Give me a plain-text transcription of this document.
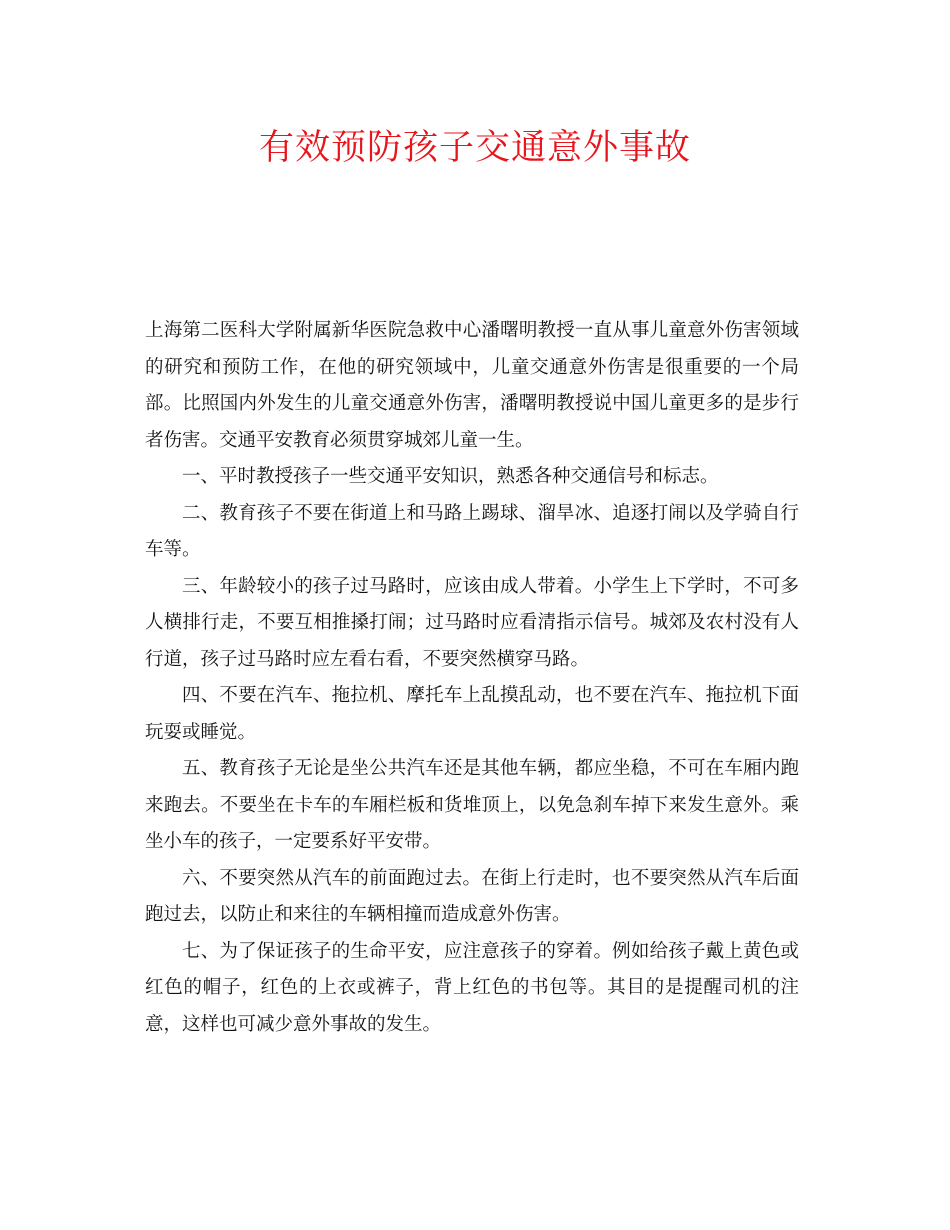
有效预防孩子交通意外事故

上海第二医科大学附属新华医院急救中心潘曙明教授一直从事儿童意外伤害领域的研究和预防工作，在他的研究领域中，儿童交通意外伤害是很重要的一个局部。比照国内外发生的儿童交通意外伤害，潘曙明教授说中国儿童更多的是步行者伤害。交通平安教育必须贯穿城郊儿童一生。

一、平时教授孩子一些交通平安知识，熟悉各种交通信号和标志。

二、教育孩子不要在街道上和马路上踢球、溜旱冰、追逐打闹以及学骑自行车等。

三、年龄较小的孩子过马路时，应该由成人带着。小学生上下学时，不可多人横排行走，不要互相推搡打闹；过马路时应看清指示信号。城郊及农村没有人行道，孩子过马路时应左看右看，不要突然横穿马路。

四、不要在汽车、拖拉机、摩托车上乱摸乱动，也不要在汽车、拖拉机下面玩耍或睡觉。

五、教育孩子无论是坐公共汽车还是其他车辆，都应坐稳，不可在车厢内跑来跑去。不要坐在卡车的车厢栏板和货堆顶上，以免急刹车掉下来发生意外。乘坐小车的孩子，一定要系好平安带。

六、不要突然从汽车的前面跑过去。在街上行走时，也不要突然从汽车后面跑过去，以防止和来往的车辆相撞而造成意外伤害。

七、为了保证孩子的生命平安，应注意孩子的穿着。例如给孩子戴上黄色或红色的帽子，红色的上衣或裤子，背上红色的书包等。其目的是提醒司机的注意，这样也可减少意外事故的发生。
